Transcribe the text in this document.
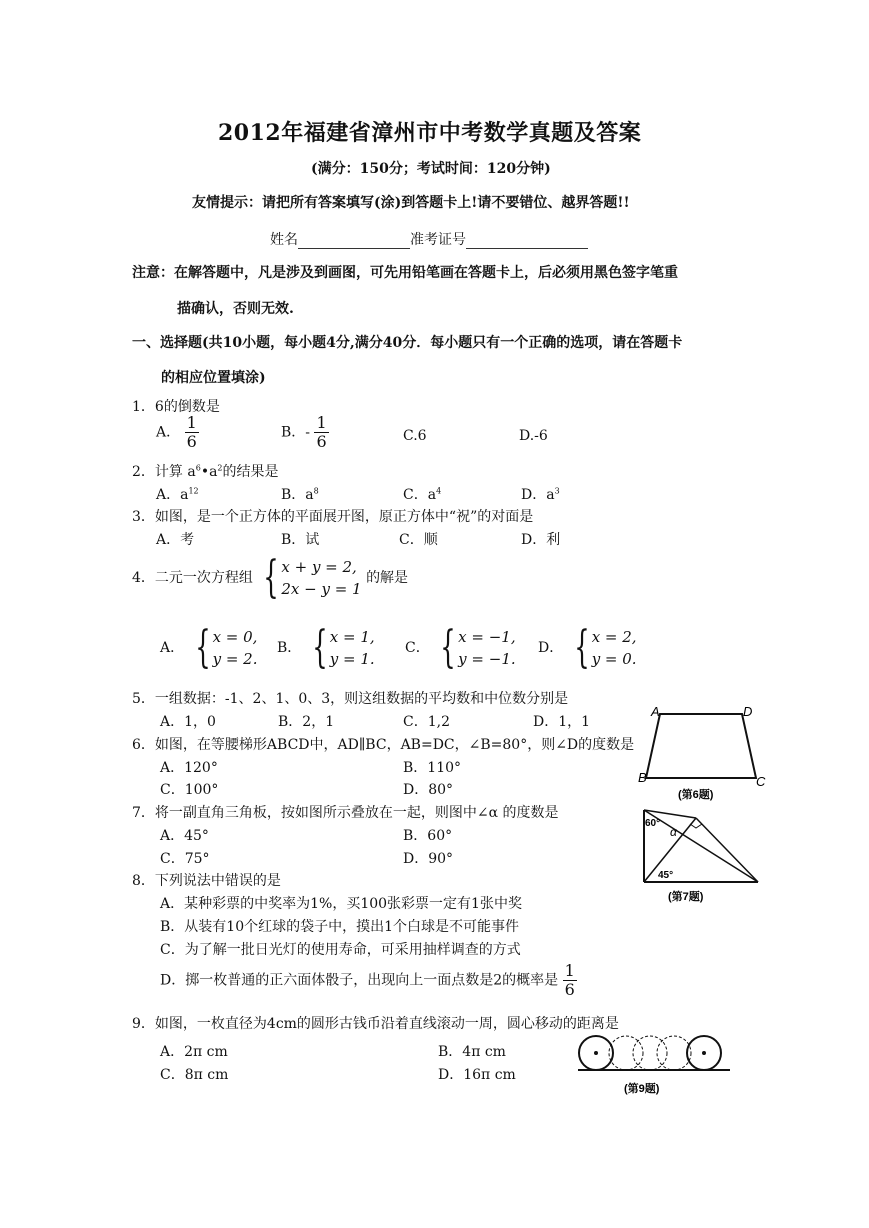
2012年福建省漳州市中考数学真题及答案
(满分：150分；考试时间：120分钟)
友情提示：请把所有答案填写(涂)到答题卡上!请不要错位、越界答题!!
姓名	准考证号
注意：在解答题中，凡是涉及到画图，可先用铅笔画在答题卡上，后必须用黑色签字笔重
描确认，否则无效.
一、选择题(共10小题，每小题4分,满分40分．每小题只有一个正确的选项，请在答题卡
的相应位置填涂)
1．6的倒数是
A． $\frac{1}{6}$	B．- $\frac{1}{6}$	C.6	D.-6
2．计算 $a^6•a^2$的结果是
A．$a^{12}$	B．$a^8$	C．$a^4$	D．$a^3$
3．如图，是一个正方体的平面展开图，原正方体中“祝”的对面是
A．考	B．试	C．顺	D．利
4．二元一次方程组 { x + y = 2,
2x − y = 1
的解是
A． { x = 0,
y = 2.
B． { x = 1,
y = 1.
C． { x = −1,
y = −1.
D． { x = 2,
y = 0.
5．一组数据：-1、2、1、0、3，则这组数据的平均数和中位数分别是
A．1，0	B．2，1	C．1,2	D．1，1
6．如图，在等腰梯形ABCD中，AD∥BC，AB=DC，∠B=80°，则∠D的度数是
A．120°	B．110°
C．100°	D．80°
A	D
B	C
(第6题)
7．将一副直角三角板，按如图所示叠放在一起，则图中∠α 的度数是
A．45°	B．60°
C．75°	D．90°
60°
α
45°
(第7题)
8．下列说法中错误的是
A．某种彩票的中奖率为1%，买100张彩票一定有1张中奖
B．从装有10个红球的袋子中，摸出1个白球是不可能事件
C．为了解一批日光灯的使用寿命，可采用抽样调查的方式
D．掷一枚普通的正六面体骰子，出现向上一面点数是2的概率是 $\frac{1}{6}$
9．如图，一枚直径为4cm的圆形古钱币沿着直线滚动一周，圆心移动的距离是
A．2π cm	B．4π cm
C．8π cm	D．16π cm
(第9题)
